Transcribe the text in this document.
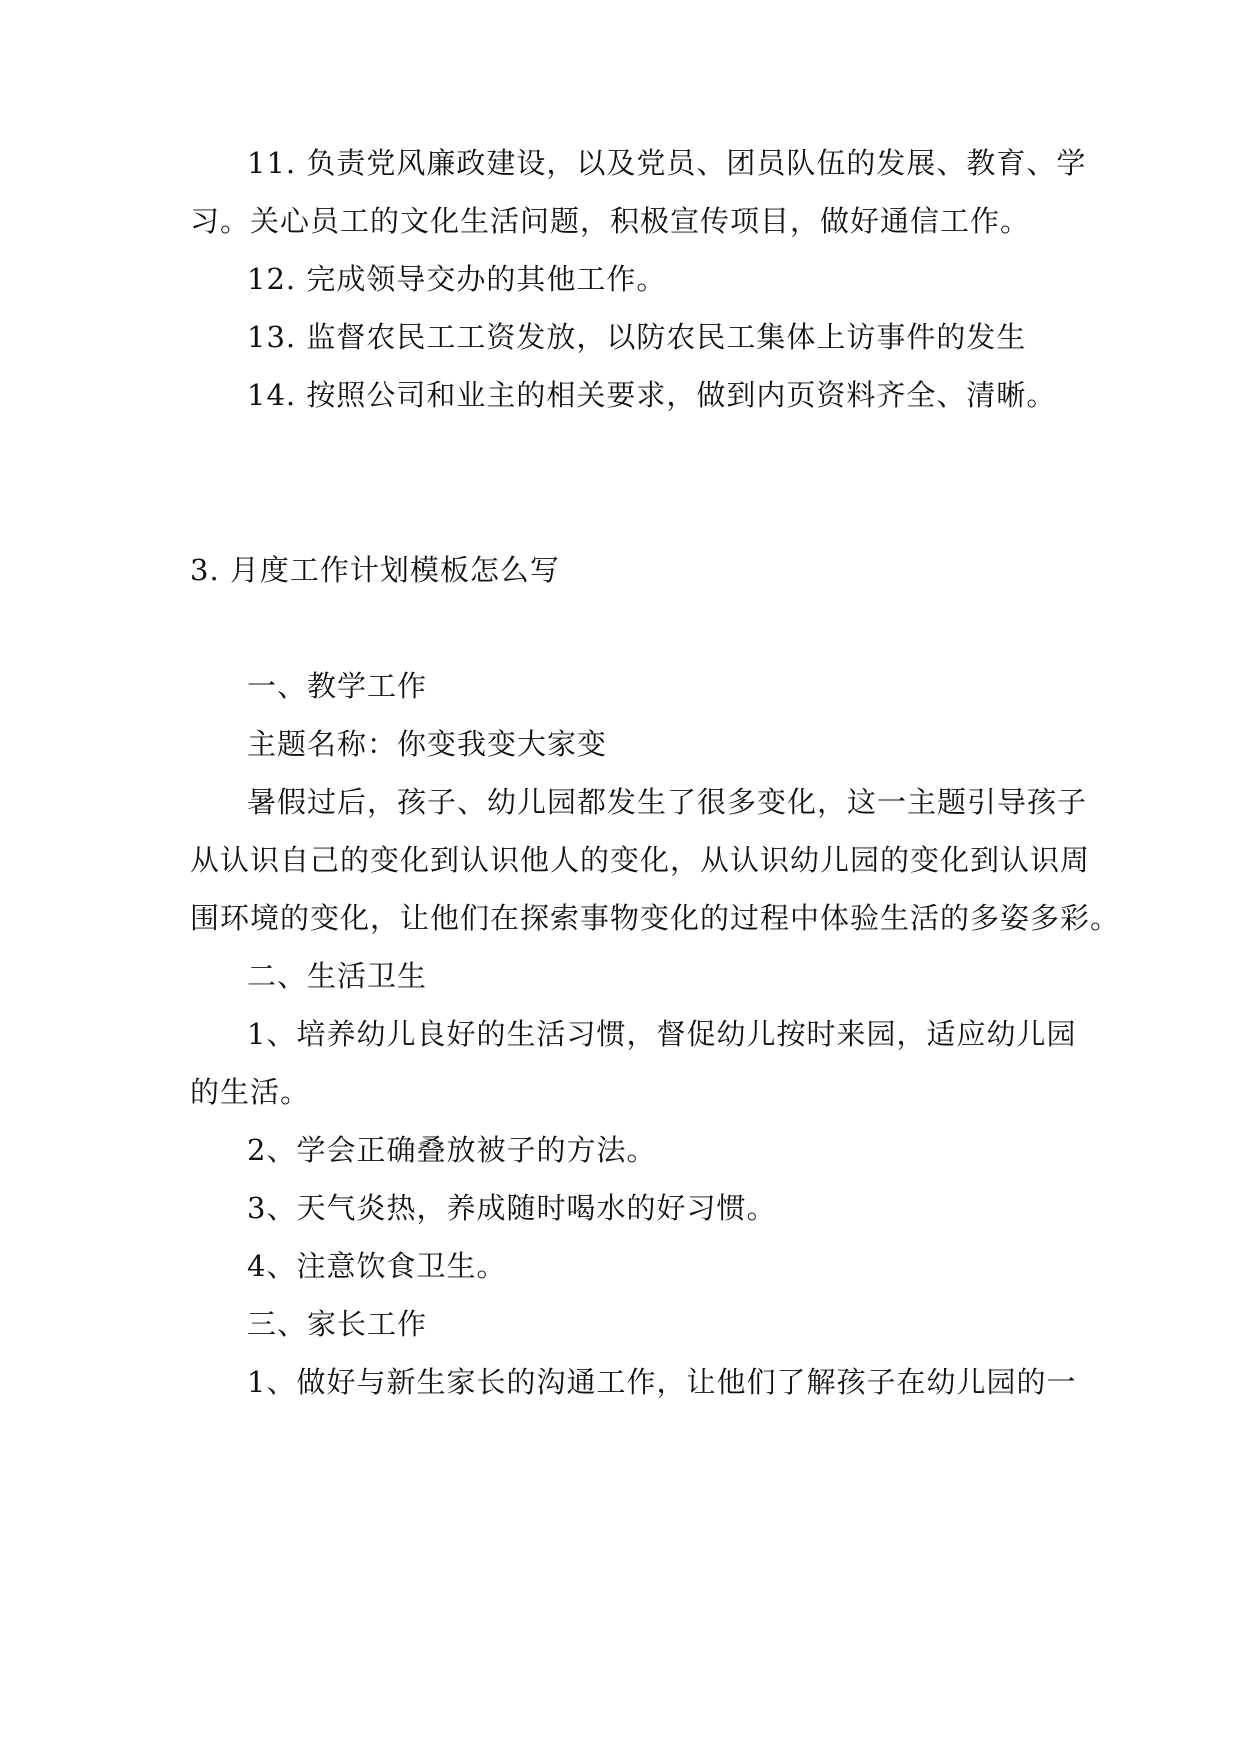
11. 负责党风廉政建设，以及党员、团员队伍的发展、教育、学
习。关心员工的文化生活问题，积极宣传项目，做好通信工作。
12. 完成领导交办的其他工作。
13. 监督农民工工资发放，以防农民工集体上访事件的发生
14. 按照公司和业主的相关要求，做到内页资料齐全、清晰。
3. 月度工作计划模板怎么写
一、教学工作
主题名称：你变我变大家变
暑假过后，孩子、幼儿园都发生了很多变化，这一主题引导孩子
从认识自己的变化到认识他人的变化，从认识幼儿园的变化到认识周
围环境的变化，让他们在探索事物变化的过程中体验生活的多姿多彩。
二、生活卫生
1、培养幼儿良好的生活习惯，督促幼儿按时来园，适应幼儿园
的生活。
2、学会正确叠放被子的方法。
3、天气炎热，养成随时喝水的好习惯。
4、注意饮食卫生。
三、家长工作
1、做好与新生家长的沟通工作，让他们了解孩子在幼儿园的一
